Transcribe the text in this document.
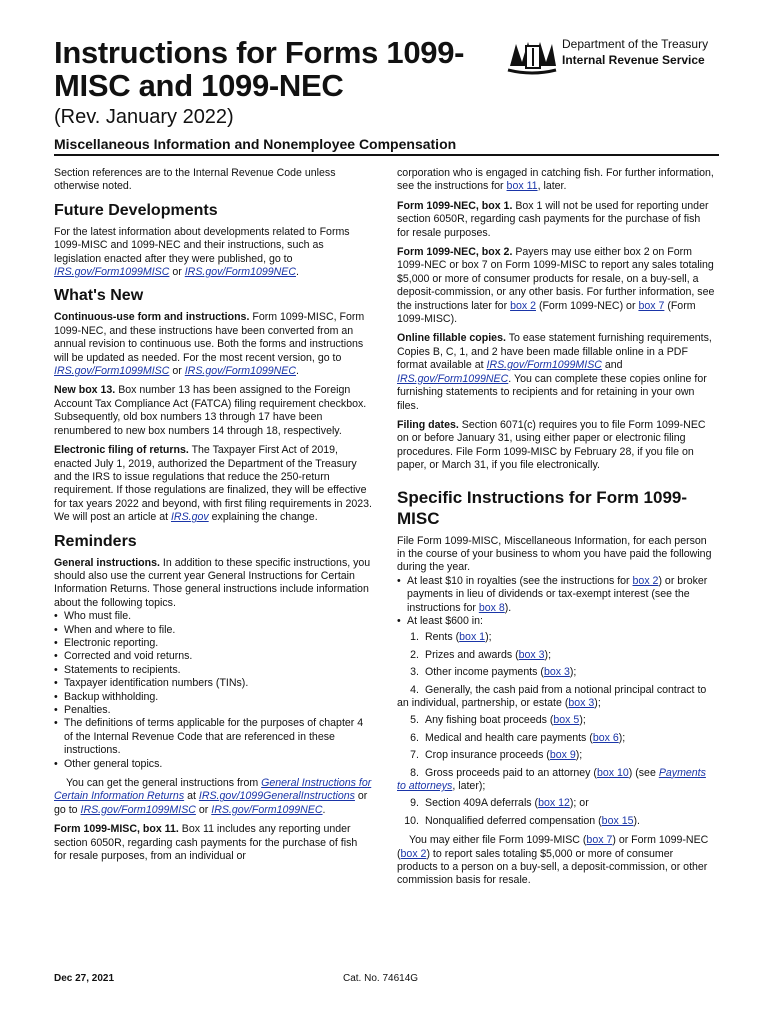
Instructions for Forms 1099-MISC and 1099-NEC
(Rev. January 2022)
Miscellaneous Information and Nonemployee Compensation
Department of the Treasury
Internal Revenue Service

Section references are to the Internal Revenue Code unless otherwise noted.

Future Developments

For the latest information about developments related to Forms 1099-MISC and 1099-NEC and their instructions, such as legislation enacted after they were published, go to IRS.gov/Form1099MISC or IRS.gov/Form1099NEC.

What's New

Continuous-use form and instructions. Form 1099-MISC, Form 1099-NEC, and these instructions have been converted from an annual revision to continuous use. Both the forms and instructions will be updated as needed. For the most recent version, go to IRS.gov/Form1099MISC or IRS.gov/Form1099NEC.

New box 13. Box number 13 has been assigned to the Foreign Account Tax Compliance Act (FATCA) filing requirement checkbox. Subsequently, old box numbers 13 through 17 have been renumbered to new box numbers 14 through 18, respectively.

Electronic filing of returns. The Taxpayer First Act of 2019, enacted July 1, 2019, authorized the Department of the Treasury and the IRS to issue regulations that reduce the 250-return requirement. If those regulations are finalized, they will be effective for tax years 2022 and beyond, with first filing requirements in 2023. We will post an article at IRS.gov explaining the change.

Reminders

General instructions. In addition to these specific instructions, you should also use the current year General Instructions for Certain Information Returns. Those general instructions include information about the following topics.

• Who must file.
• When and where to file.
• Electronic reporting.
• Corrected and void returns.
• Statements to recipients.
• Taxpayer identification numbers (TINs).
• Backup withholding.
• Penalties.
• The definitions of terms applicable for the purposes of chapter 4 of the Internal Revenue Code that are referenced in these instructions.
• Other general topics.

You can get the general instructions from General Instructions for Certain Information Returns at IRS.gov/1099GeneralInstructions or go to IRS.gov/Form1099MISC or IRS.gov/Form1099NEC.

Form 1099-MISC, box 11. Box 11 includes any reporting under section 6050R, regarding cash payments for the purchase of fish for resale purposes, from an individual or

corporation who is engaged in catching fish. For further information, see the instructions for box 11, later.

Form 1099-NEC, box 1. Box 1 will not be used for reporting under section 6050R, regarding cash payments for the purchase of fish for resale purposes.

Form 1099-NEC, box 2. Payers may use either box 2 on Form 1099-NEC or box 7 on Form 1099-MISC to report any sales totaling $5,000 or more of consumer products for resale, on a buy-sell, a deposit-commission, or any other basis. For further information, see the instructions later for box 2 (Form 1099-NEC) or box 7 (Form 1099-MISC).

Online fillable copies. To ease statement furnishing requirements, Copies B, C, 1, and 2 have been made fillable online in a PDF format available at IRS.gov/Form1099MISC and IRS.gov/Form1099NEC. You can complete these copies online for furnishing statements to recipients and for retaining in your own files.

Filing dates. Section 6071(c) requires you to file Form 1099-NEC on or before January 31, using either paper or electronic filing procedures. File Form 1099-MISC by February 28, if you file on paper, or March 31, if you file electronically.

Specific Instructions for Form 1099-MISC

File Form 1099-MISC, Miscellaneous Information, for each person in the course of your business to whom you have paid the following during the year.

• At least $10 in royalties (see the instructions for box 2) or broker payments in lieu of dividends or tax-exempt interest (see the instructions for box 8).
• At least $600 in:
1. Rents (box 1);
2. Prizes and awards (box 3);
3. Other income payments (box 3);
4. Generally, the cash paid from a notional principal contract to an individual, partnership, or estate (box 3);
5. Any fishing boat proceeds (box 5);
6. Medical and health care payments (box 6);
7. Crop insurance proceeds (box 9);
8. Gross proceeds paid to an attorney (box 10) (see Payments to attorneys, later);
9. Section 409A deferrals (box 12); or
10. Nonqualified deferred compensation (box 15).

You may either file Form 1099-MISC (box 7) or Form 1099-NEC (box 2) to report sales totaling $5,000 or more of consumer products to a person on a buy-sell, a deposit-commission, or other commission basis for resale.

Dec 27, 2021	Cat. No. 74614G
